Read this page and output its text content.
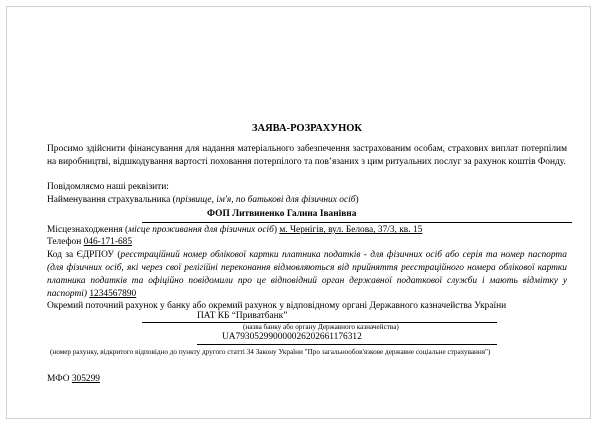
ЗАЯВА-РОЗРАХУНОК
Просимо здійснити фінансування для надання матеріального забезпечення застрахованим особам, страхових виплат потерпілим на виробництві, відшкодування вартості поховання потерпілого та пов’язаних з цим ритуальних послуг за рахунок коштів Фонду.
Повідомляємо наші реквізити:
Найменування страхувальника (прізвище, ім'я, по батькові для фізичних осіб)
ФОП Литвиненко Галина Іванівна
Місцезнаходження (місце проживання для фізичних осіб) м. Чернігів, вул. Белова, 37/3, кв. 15
Телефон 046-171-685
Код за ЄДРПОУ (реєстраційний номер облікової картки платника податків - для фізичних осіб або серія та номер паспорта (для фізичних осіб, які через свої релігійні переконання відмовляються від прийняття реєстраційного номера облікової картки платника податків та офіційно повідомили про це відповідний орган державної податкової служби і мають відмітку у паспорті) 1234567890
Окремий поточний рахунок у банку або окремий рахунок у відповідному органі Державного казначейства України
ПАТ КБ “Приватбанк”
(назва банку або органу Державного казначейства)
UA793052990000026202661176312
(номер рахунку, відкритого відповідно до пункту другого статті 34 Закону України "Про загальнообов'язкове державне соціальне страхування")
МФО 305299
